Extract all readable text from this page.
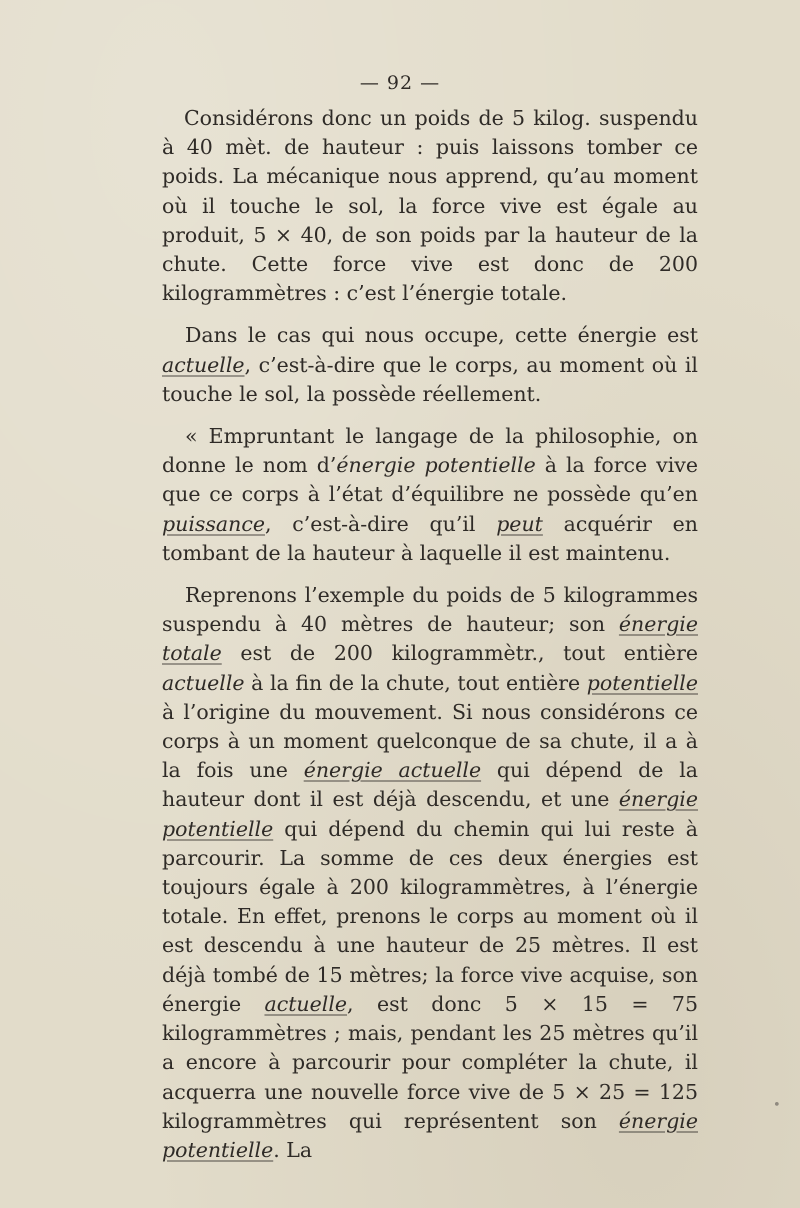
— 92 —

Considérons donc un poids de 5 kilog. suspendu à 40 mèt. de hauteur : puis laissons tomber ce poids. La mécanique nous apprend, qu’au moment où il touche le sol, la force vive est égale au produit, 5 × 40, de son poids par la hauteur de la chute. Cette force vive est donc de 200 kilogrammètres : c’est l’énergie totale.

Dans le cas qui nous occupe, cette énergie est actuelle, c’est-à-dire que le corps, au moment où il touche le sol, la possède réellement.

« Empruntant le langage de la philosophie, on donne le nom d’énergie potentielle à la force vive que ce corps à l’état d’équilibre ne possède qu’en puissance, c’est-à-dire qu’il peut acquérir en tombant de la hauteur à laquelle il est maintenu.

Reprenons l’exemple du poids de 5 kilogrammes suspendu à 40 mètres de hauteur; son énergie totale est de 200 kilogrammètr., tout entière actuelle à la fin de la chute, tout entière potentielle à l’origine du mouvement. Si nous considérons ce corps à un moment quelconque de sa chute, il a à la fois une énergie actuelle qui dépend de la hauteur dont il est déjà descendu, et une énergie potentielle qui dépend du chemin qui lui reste à parcourir. La somme de ces deux énergies est toujours égale à 200 kilogrammètres, à l’énergie totale. En effet, prenons le corps au moment où il est descendu à une hauteur de 25 mètres. Il est déjà tombé de 15 mètres; la force vive acquise, son énergie actuelle, est donc 5 × 15 = 75 kilogrammètres ; mais, pendant les 25 mètres qu’il a encore à parcourir pour compléter la chute, il acquerra une nouvelle force vive de 5 × 25 = 125 kilogrammètres qui représentent son énergie potentielle. La

•
